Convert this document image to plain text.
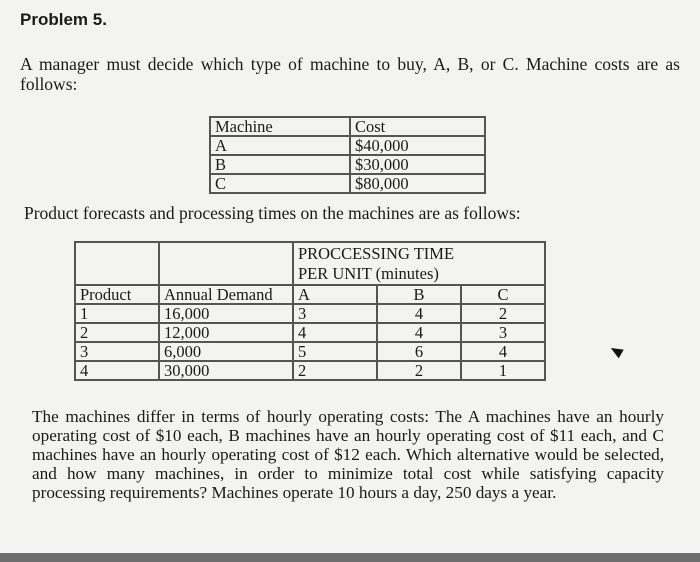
Problem 5.
A manager must decide which type of machine to buy, A, B, or C. Machine costs are as follows:
Machine	Cost
A	$40,000
B	$30,000
C	$80,000
Product forecasts and processing times on the machines are as follows:
		PROCCESSING TIME
PER UNIT (minutes)		
Product	Annual Demand	A	B	C
1	16,000	3	4	2
2	12,000	4	4	3
3	6,000	5	6	4
4	30,000	2	2	1
The machines differ in terms of hourly operating costs: The A machines have an hourly operating cost of $10 each, B machines have an hourly operating cost of $11 each, and C machines have an hourly operating cost of $12 each. Which alternative would be selected, and how many machines, in order to minimize total cost while satisfying capacity processing requirements? Machines operate 10 hours a day, 250 days a year.
